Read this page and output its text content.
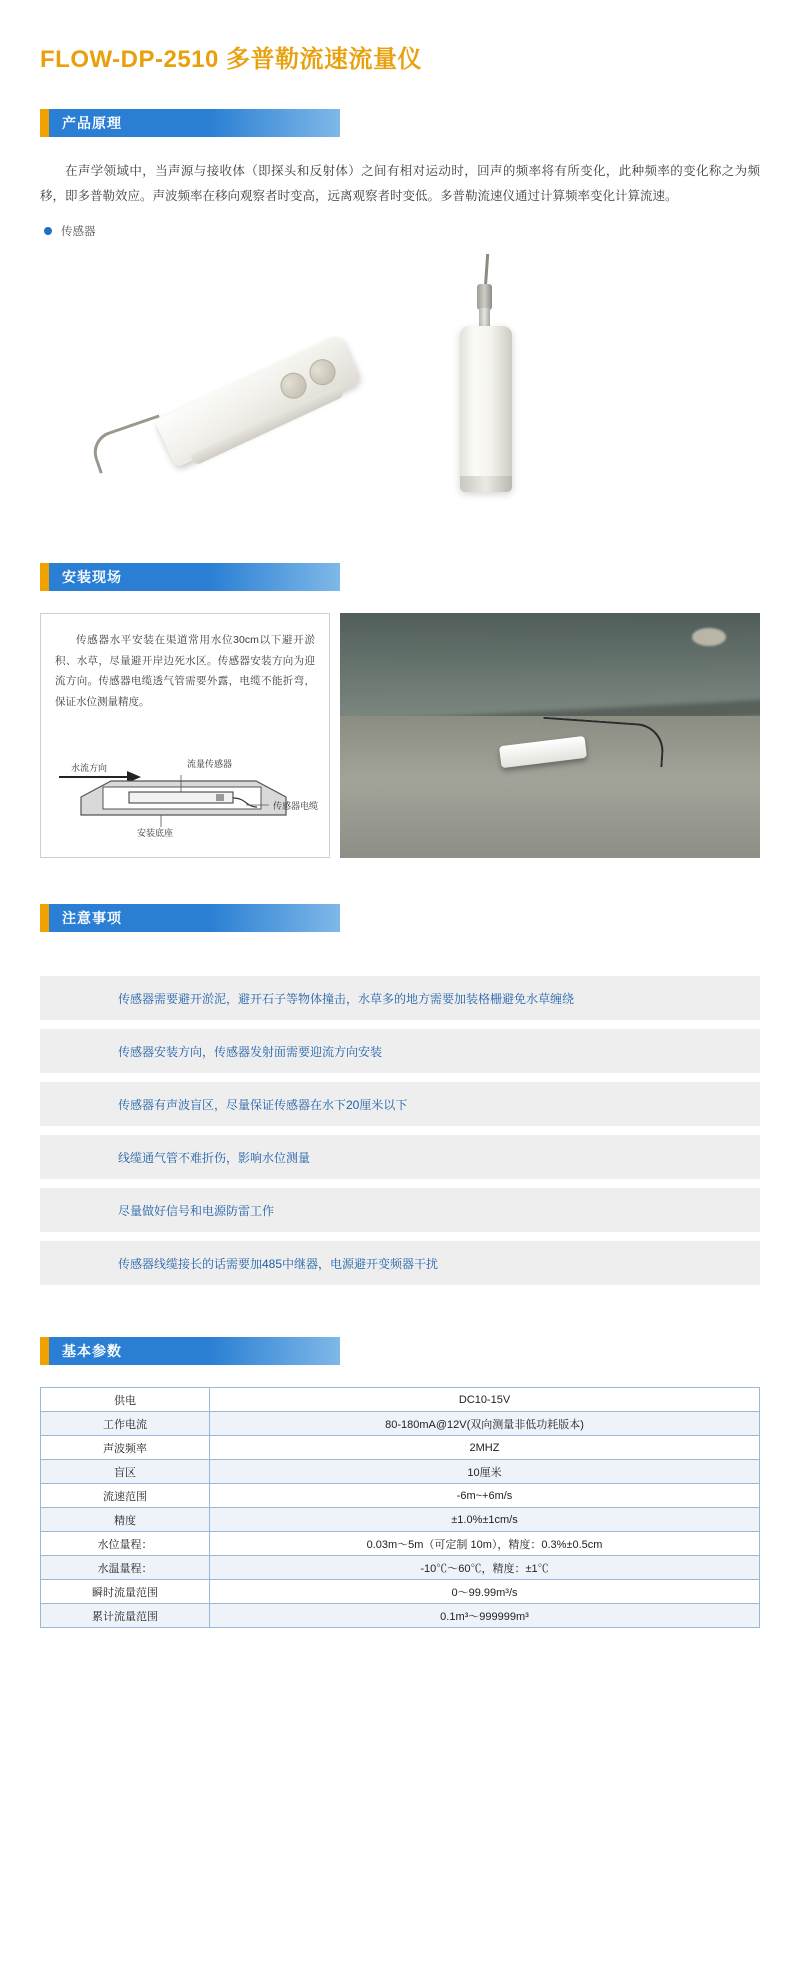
FLOW-DP-2510 多普勒流速流量仪
产品原理

在声学领域中，当声源与接收体（即探头和反射体）之间有相对运动时，回声的频率将有所变化，此种频率的变化称之为频移，即多普勒效应。声波频率在移向观察者时变高，远离观察者时变低。多普勒流速仪通过计算频率变化计算流速。

传感器
安装现场
传感器水平安装在渠道常用水位30cm以下避开淤积、水草，尽量避开岸边死水区。传感器安装方向为迎流方向。传感器电缆透气管需要外露，电缆不能折弯，保证水位测量精度。
水流方向	流量传感器
传感器电缆
安装底座
注意事项
传感器需要避开淤泥，避开石子等物体撞击，水草多的地方需要加装格栅避免水草缠绕
传感器安装方向，传感器发射面需要迎流方向安装
传感器有声波盲区，尽量保证传感器在水下20厘米以下
线缆通气管不难折伤，影响水位测量
尽量做好信号和电源防雷工作
传感器线缆接长的话需要加485中继器，电源避开变频器干扰
基本参数
供电	DC10-15V
工作电流	80-180mA@12V(双向测量非低功耗版本)
声波频率	2MHZ
盲区	10厘米
流速范围	-6m~+6m/s
精度	±1.0%±1cm/s
水位量程：	0.03m～5m（可定制 10m），精度：0.3%±0.5cm
水温量程：	-10℃～60℃，精度：±1℃
瞬时流量范围	0～99.99m³/s
累计流量范围	0.1m³～999999m³
